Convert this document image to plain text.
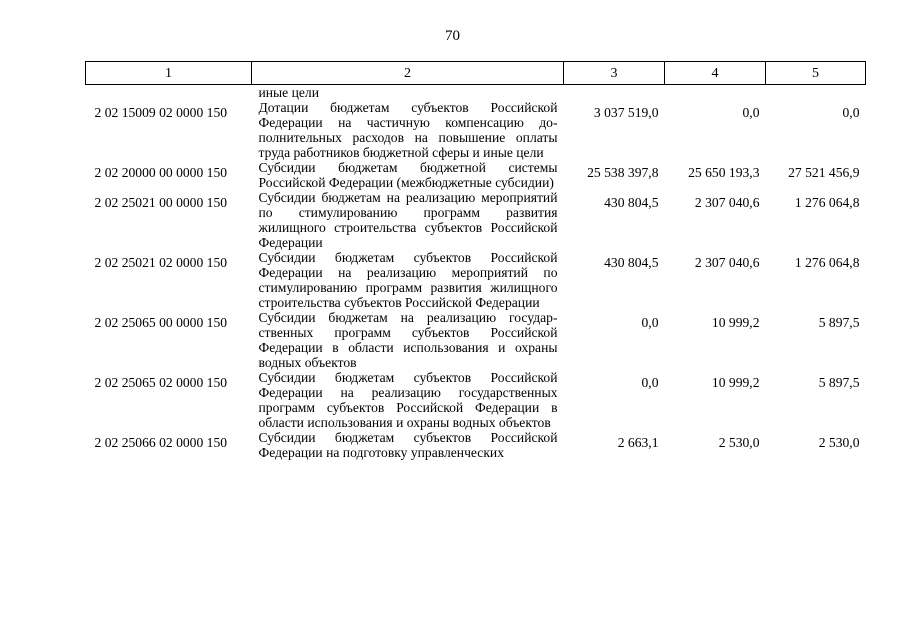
70
1	2	3	4	5
	иные цели			
2 02 15009 02 0000 150	Дотации бюджетам субъектов Российской Федерации на частичную компенсацию дополнительных расходов на повышение оплаты труда работников бюджетной сферы и иные цели	3 037 519,0	0,0	0,0
2 02 20000 00 0000 150	Субсидии бюджетам бюджетной системы Российской Федерации (межбюджетные субсидии)	25 538 397,8	25 650 193,3	27 521 456,9
2 02 25021 00 0000 150	Субсидии бюджетам на реализацию мероприятий по стимулированию программ развития жилищного строительства субъектов Российской Федерации	430 804,5	2 307 040,6	1 276 064,8
2 02 25021 02 0000 150	Субсидии бюджетам субъектов Российской Федерации на реализацию мероприятий по стимулированию программ развития жилищного строительства субъектов Российской Федерации	430 804,5	2 307 040,6	1 276 064,8
2 02 25065 00 0000 150	Субсидии бюджетам на реализацию государственных программ субъектов Российской Федерации в области использования и охраны водных объектов	0,0	10 999,2	5 897,5
2 02 25065 02 0000 150	Субсидии бюджетам субъектов Российской Федерации на реализацию государственных программ субъектов Российской Федерации в области использования и охраны водных объектов	0,0	10 999,2	5 897,5
2 02 25066 02 0000 150	Субсидии бюджетам субъектов Российской Федерации на подготовку управленческих	2 663,1	2 530,0	2 530,0
